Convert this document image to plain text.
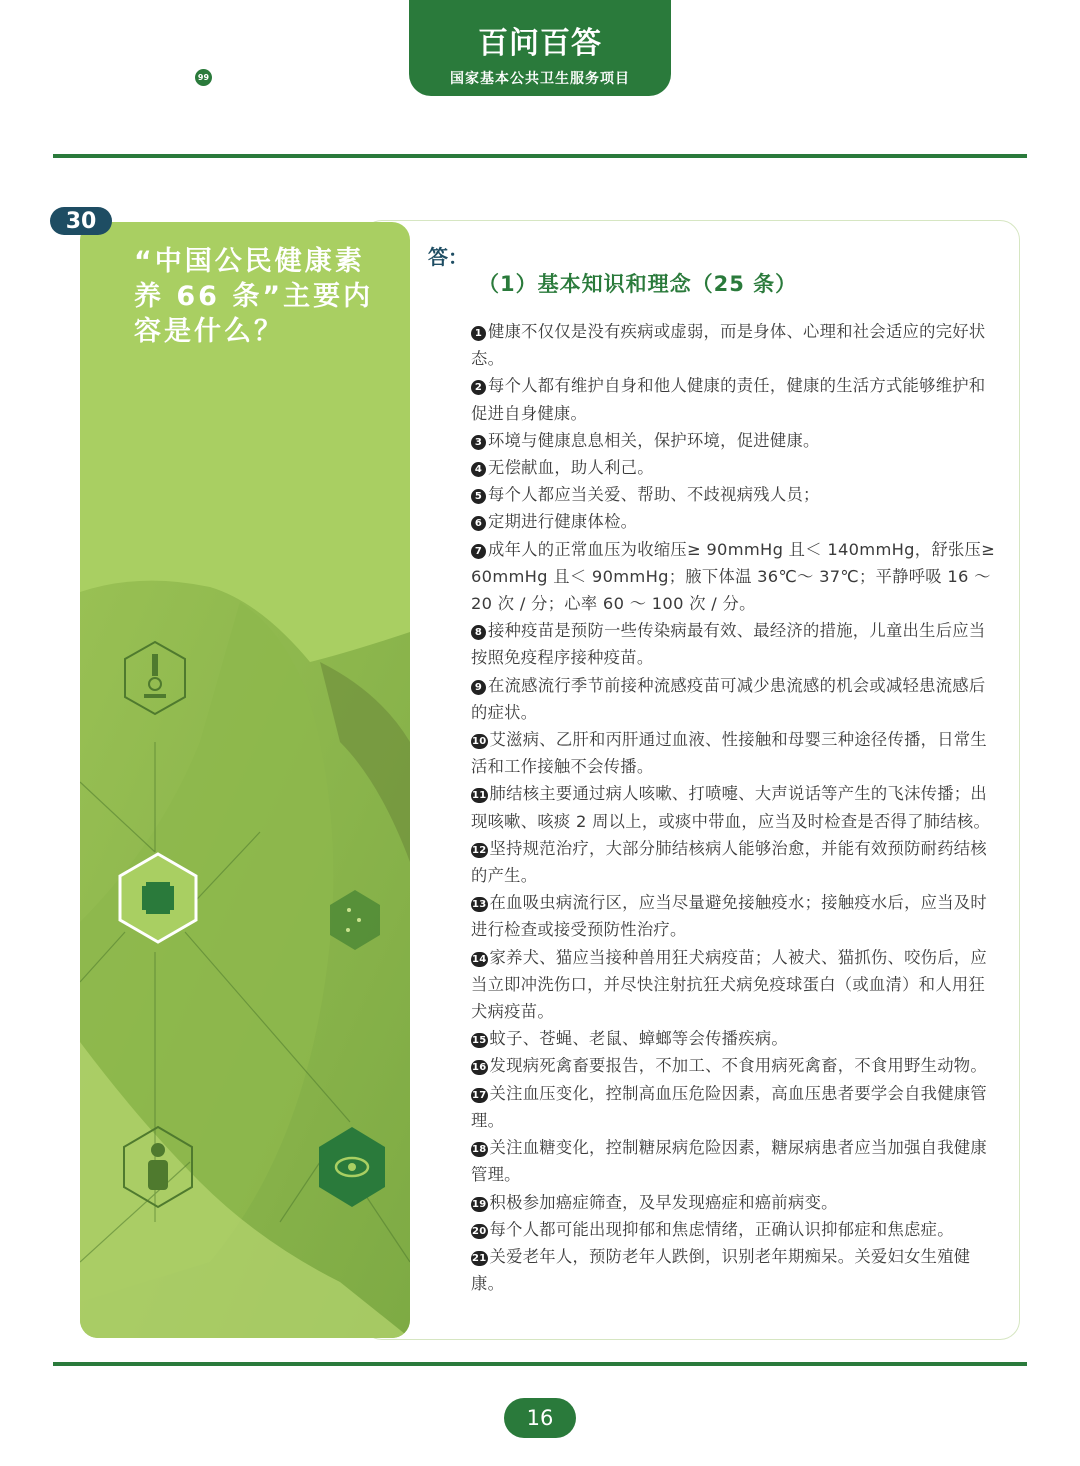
百问百答
国家基本公共卫生服务项目
99
30
“中国公民健康素养 66 条”主要内容是什么？
答：
（1）基本知识和理念（25 条）
1 健康不仅仅是没有疾病或虚弱，而是身体、心理和社会适应的完好状态。
2 每个人都有维护自身和他人健康的责任，健康的生活方式能够维护和促进自身健康。
3 环境与健康息息相关，保护环境，促进健康。
4 无偿献血，助人利己。
5 每个人都应当关爱、帮助、不歧视病残人员；
6 定期进行健康体检。
7 成年人的正常血压为收缩压≥ 90mmHg 且＜ 140mmHg，舒张压≥ 60mmHg 且＜ 90mmHg；腋下体温 36℃～ 37℃；平静呼吸 16 ～ 20 次 / 分；心率 60 ～ 100 次 / 分。
8 接种疫苗是预防一些传染病最有效、最经济的措施，儿童出生后应当按照免疫程序接种疫苗。
9 在流感流行季节前接种流感疫苗可减少患流感的机会或减轻患流感后的症状。
10 艾滋病、乙肝和丙肝通过血液、性接触和母婴三种途径传播，日常生活和工作接触不会传播。
11 肺结核主要通过病人咳嗽、打喷嚏、大声说话等产生的飞沫传播；出现咳嗽、咳痰 2 周以上，或痰中带血，应当及时检查是否得了肺结核。
12 坚持规范治疗，大部分肺结核病人能够治愈，并能有效预防耐药结核的产生。
13 在血吸虫病流行区，应当尽量避免接触疫水；接触疫水后，应当及时进行检查或接受预防性治疗。
14 家养犬、猫应当接种兽用狂犬病疫苗；人被犬、猫抓伤、咬伤后，应当立即冲洗伤口，并尽快注射抗狂犬病免疫球蛋白（或血清）和人用狂犬病疫苗。
15 蚊子、苍蝇、老鼠、蟑螂等会传播疾病。
16 发现病死禽畜要报告，不加工、不食用病死禽畜，不食用野生动物。
17 关注血压变化，控制高血压危险因素，高血压患者要学会自我健康管理。
18 关注血糖变化，控制糖尿病危险因素，糖尿病患者应当加强自我健康管理。
19 积极参加癌症筛查，及早发现癌症和癌前病变。
20 每个人都可能出现抑郁和焦虑情绪，正确认识抑郁症和焦虑症。
21 关爱老年人，预防老年人跌倒，识别老年期痴呆。关爱妇女生殖健康。
16
